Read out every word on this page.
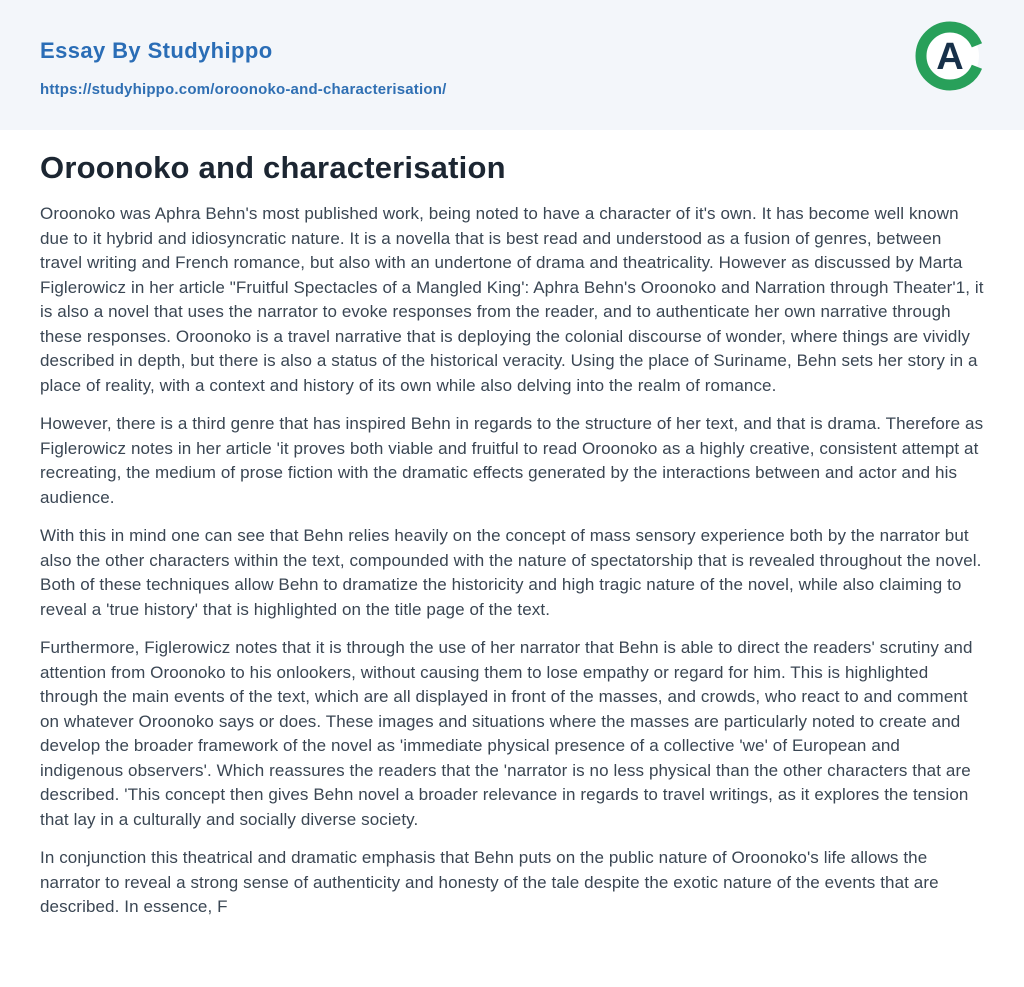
Essay By Studyhippo
https://studyhippo.com/oroonoko-and-characterisation/
A
Oroonoko and characterisation

Oroonoko was Aphra Behn's most published work, being noted to have a character of it's own. It has become well known due to it hybrid and idiosyncratic nature. It is a novella that is best read and understood as a fusion of genres, between travel writing and French romance, but also with an undertone of drama and theatricality. However as discussed by Marta Figlerowicz in her article "Fruitful Spectacles of a Mangled King': Aphra Behn's Oroonoko and Narration through Theater'1, it is also a novel that uses the narrator to evoke responses from the reader, and to authenticate her own narrative through these responses. Oroonoko is a travel narrative that is deploying the colonial discourse of wonder, where things are vividly described in depth, but there is also a status of the historical veracity. Using the place of Suriname, Behn sets her story in a place of reality, with a context and history of its own while also delving into the realm of romance.

However, there is a third genre that has inspired Behn in regards to the structure of her text, and that is drama. Therefore as Figlerowicz notes in her article 'it proves both viable and fruitful to read Oroonoko as a highly creative, consistent attempt at recreating, the medium of prose fiction with the dramatic effects generated by the interactions between and actor and his audience.

With this in mind one can see that Behn relies heavily on the concept of mass sensory experience both by the narrator but also the other characters within the text, compounded with the nature of spectatorship that is revealed throughout the novel. Both of these techniques allow Behn to dramatize the historicity and high tragic nature of the novel, while also claiming to reveal a 'true history' that is highlighted on the title page of the text.

Furthermore, Figlerowicz notes that it is through the use of her narrator that Behn is able to direct the readers' scrutiny and attention from Oroonoko to his onlookers, without causing them to lose empathy or regard for him. This is highlighted through the main events of the text, which are all displayed in front of the masses, and crowds, who react to and comment on whatever Oroonoko says or does. These images and situations where the masses are particularly noted to create and develop the broader framework of the novel as 'immediate physical presence of a collective 'we' of European and indigenous observers'. Which reassures the readers that the 'narrator is no less physical than the other characters that are described. 'This concept then gives Behn novel a broader relevance in regards to travel writings, as it explores the tension that lay in a culturally and socially diverse society.

In conjunction this theatrical and dramatic emphasis that Behn puts on the public nature of Oroonoko's life allows the narrator to reveal a strong sense of authenticity and honesty of the tale despite the exotic nature of the events that are described. In essence, F
